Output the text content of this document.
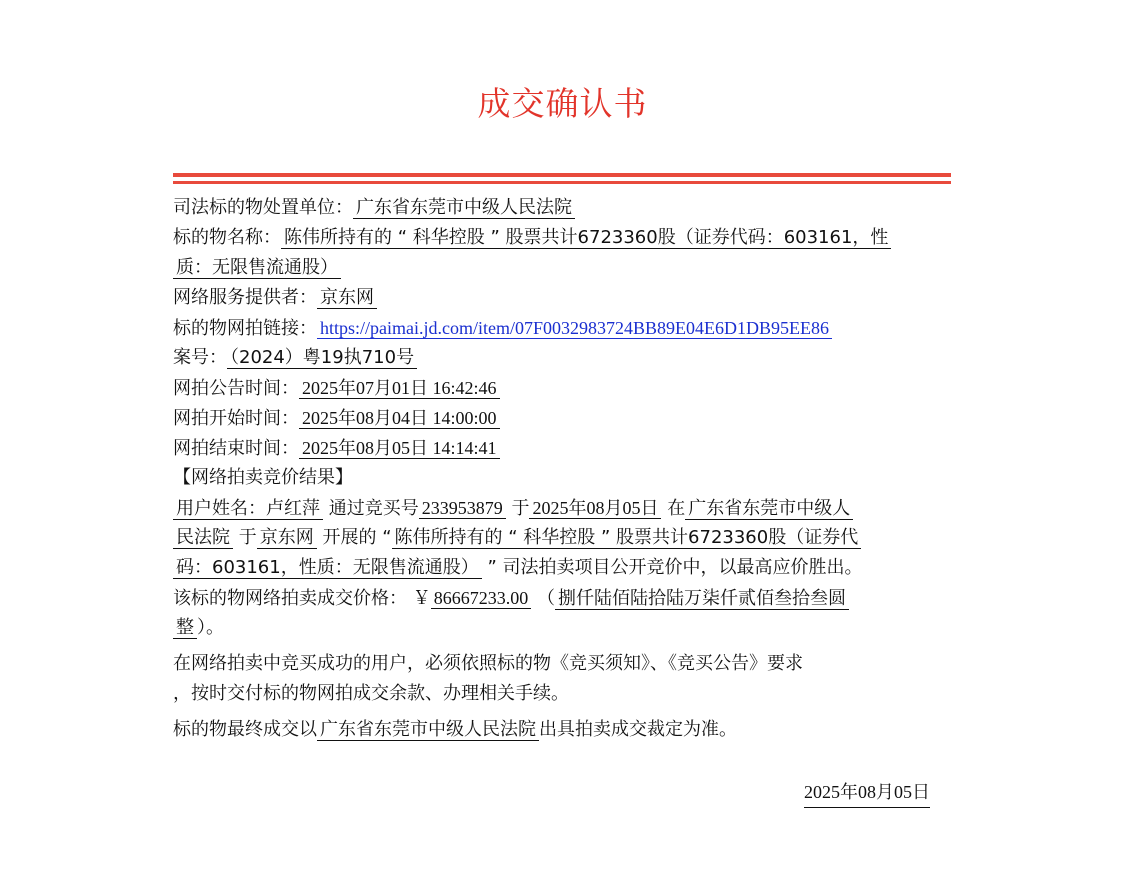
成交确认书
司法标的物处置单位： 广东省东莞市中级人民法院
标的物名称： 陈伟所持有的 “ 科华控股 ” 股票共计6723360股（证券代码：603161，性
质：无限售流通股）
网络服务提供者： 京东网
标的物网拍链接： https://paimai.jd.com/item/07F0032983724BB89E04E6D1DB95EE86
案号： （2024）粤19执710号
网拍公告时间： 2025年07月01日 16:42:46
网拍开始时间： 2025年08月04日 14:00:00
网拍结束时间： 2025年08月05日 14:14:41
【网络拍卖竞价结果】
用户姓名：卢红萍 通过竞买号 233953879 于 2025年08月05日 在 广东省东莞市中级人
民法院 于 京东网 开展的 “ 陈伟所持有的 “ 科华控股 ” 股票共计6723360股（证券代
码：603161，性质：无限售流通股） ” 司法拍卖项目公开竞价中，以最高应价胜出。
该标的物网络拍卖成交价格： ￥ 86667233.00 （ 捌仟陆佰陆拾陆万柒仟贰佰叁拾叁圆
整 ）。
在网络拍卖中竞买成功的用户，必须依照标的物《竞买须知》、《竞买公告》要求
，按时交付标的物网拍成交余款、办理相关手续。
标的物最终成交以 广东省东莞市中级人民法院 出具拍卖成交裁定为准。
2025年08月05日
